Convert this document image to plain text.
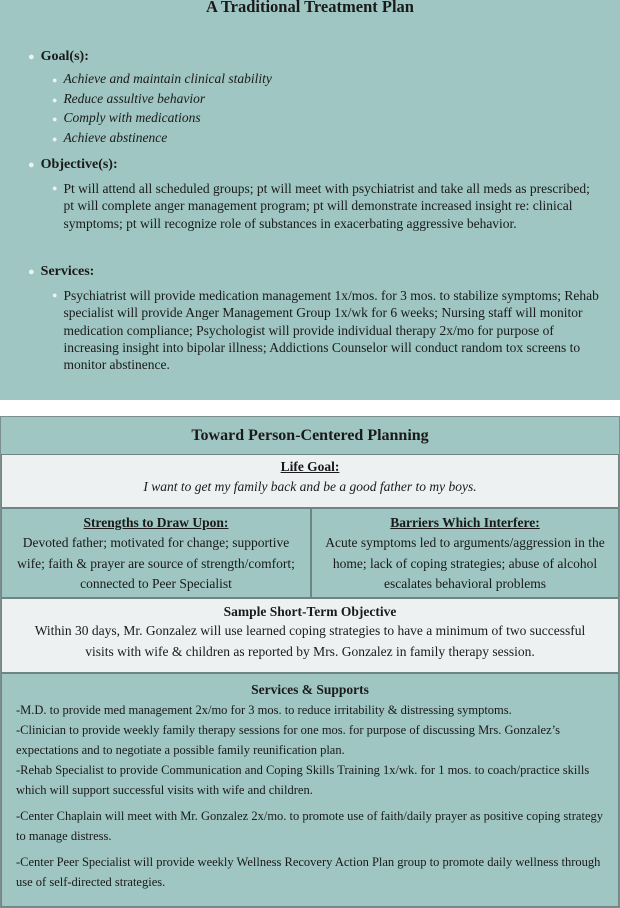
A Traditional Treatment Plan
● Goal(s):
● Achieve and maintain clinical stability
● Reduce assultive behavior
● Comply with medications
● Achieve abstinence
● Objective(s):
● Pt will attend all scheduled groups; pt will meet with psychiatrist and take all meds as prescribed; pt will complete anger management program; pt will demonstrate increased insight re: clinical symptoms; pt will recognize role of substances in exacerbating aggressive behavior.
● Services:
● Psychiatrist will provide medication management 1x/mos. for 3 mos. to stabilize symptoms; Rehab specialist will provide Anger Management Group 1x/wk for 6 weeks; Nursing staff will monitor medication compliance; Psychologist will provide individual therapy 2x/mo for purpose of increasing insight into bipolar illness; Addictions Counselor will conduct random tox screens to monitor abstinence.
Toward Person-Centered Planning
Life Goal:
I want to get my family back and be a good father to my boys.
Strengths to Draw Upon:
Devoted father; motivated for change; supportive wife; faith & prayer are source of strength/comfort; connected to Peer Specialist
Barriers Which Interfere:
Acute symptoms led to arguments/aggression in the home; lack of coping strategies; abuse of alcohol escalates behavioral problems
Sample Short-Term Objective
Within 30 days, Mr. Gonzalez will use learned coping strategies to have a minimum of two successful visits with wife & children as reported by Mrs. Gonzalez in family therapy session.
Services & Supports
-M.D. to provide med management 2x/mo for 3 mos. to reduce irritability & distressing symptoms.
-Clinician to provide weekly family therapy sessions for one mos. for purpose of discussing Mrs. Gonzalez’s expectations and to negotiate a possible family reunification plan.
-Rehab Specialist to provide Communication and Coping Skills Training 1x/wk. for 1 mos. to coach/practice skills which will support successful visits with wife and children.
-Center Chaplain will meet with Mr. Gonzalez 2x/mo. to promote use of faith/daily prayer as positive coping strategy to manage distress.
-Center Peer Specialist will provide weekly Wellness Recovery Action Plan group to promote daily wellness through use of self-directed strategies.
